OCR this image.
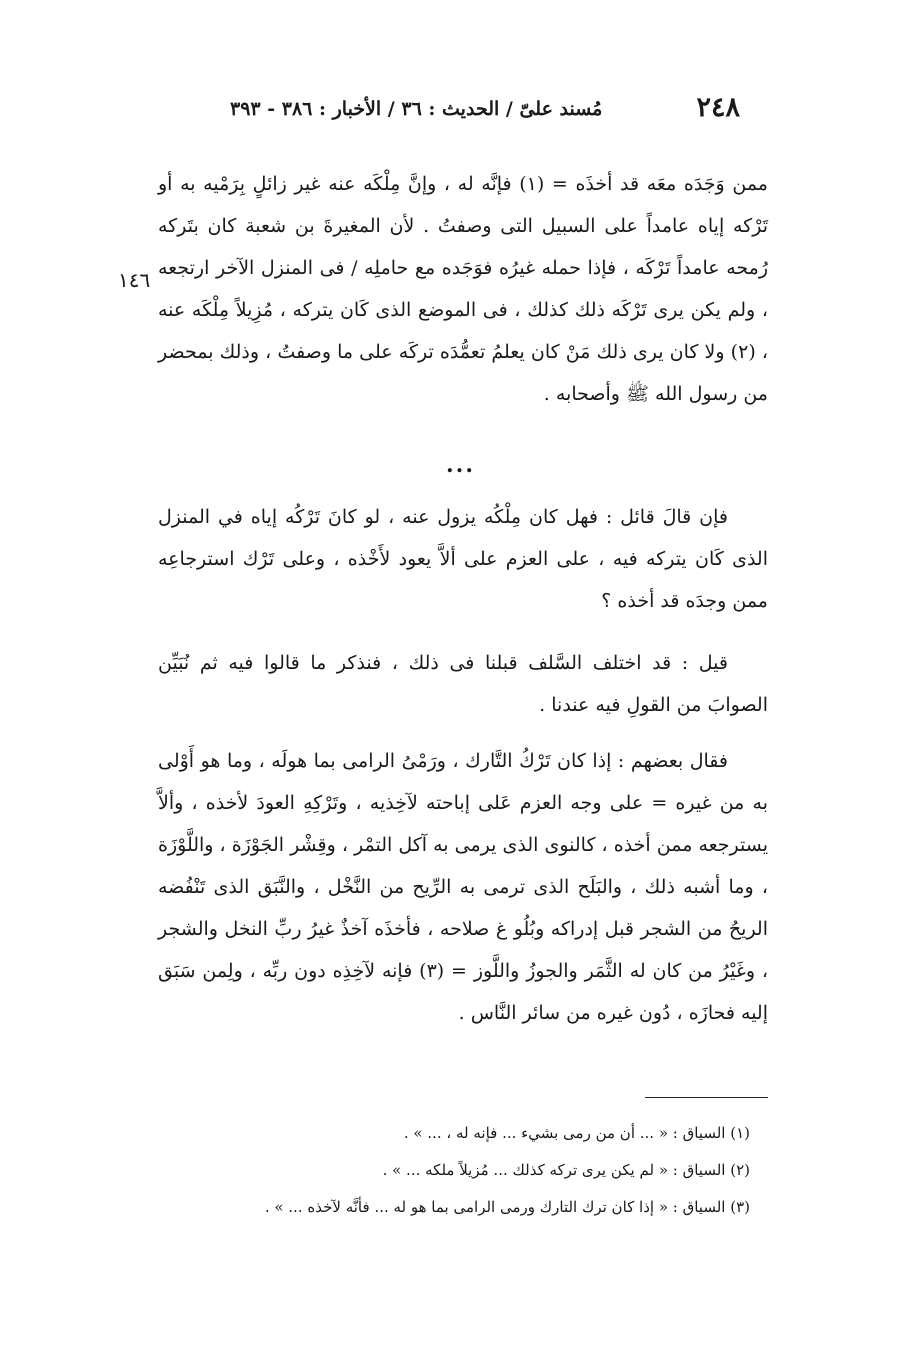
٢٤٨
مُسند علىّ / الحديث : ٣٦ / الأخبار : ٣٨٦ - ٣٩٣
١٤٦

ممن وَجَدَه معَه قد أخذَه = (١) فإنَّه له ، وإنَّ مِلْكَه عنه غير زائلٍ بِرَمْيه به أو تَرْكه إياه عامداً على السبيل التى وصفتُ . لأن المغيرةَ بن شعبة كان بتَركه رُمحه عامداً تَرْكَه ، فإذا حمله غيرُه فوَجَده مع حاملِه / فى المنزل الآخر ارتجعه ، ولم يكن يرى تَرْكَه ذلك كذلك ، فى الموضع الذى كَان يتركه ، مُزِيلاً مِلْكَه عنه ، (٢) ولا كان يرى ذلك مَنْ كان يعلمُ تعمُّدَه تركَه على ما وصفتُ ، وذلك بمحضر من رسول الله ﷺ وأصحابه .

...

فإن قالَ قائل : فهل كان مِلْكُه يزول عنه ، لو كانَ تَرْكُه إياه في المنزل الذى كَان يتركه فيه ، على العزم على ألاَّ يعود لأَخْذه ، وعلى تَرْك استرجاعِه ممن وجدَه قد أخذه ؟

قيل : قد اختلف السَّلف قبلنا فى ذلك ، فنذكر ما قالوا فيه ثم نُبَيِّن الصوابَ من القولِ فيه عندنا .

فقال بعضهم : إذا كان تَرْكُ التَّارك ، ورَمْىُ الرامى بما هولَه ، وما هو أَوْلى به من غيره = على وجه العزم عَلى إباحته لآخِذيه ، وتَرْكِهِ العودَ لأخذه ، وألاَّ يسترجعه ممن أخذه ، كالنوى الذى يرمى به آكل التمْر ، وقِشْر الجَوْزَة ، واللَّوْزَة ، وما أشبه ذلك ، والبَلَح الذى ترمى به الرِّيح من النَّخْل ، والنَّبَق الذى تَنْفُضه الريحُ من الشجر قبل إدراكه وبُلُو غ صلاحه ، فأخذَه آخذٌ غيرُ ربِّ النخل والشجر ، وغَيْرُ من كان له الثَّمَر والجوزُ واللَّوز = (٣) فإنه لآخِذِه دون ربِّه ، ولِمن سَبَق إليه فحازَه ، دُون غيره من سائر النَّاس .

(١) السياق : « ... أن من رمى بشيء ... فإنه له ، ... » .
(٢) السياق : « لم يكن يرى تركه كذلك ... مُزيلاً ملكه ... » .
(٣) السياق : « إذا كان ترك التارك ورمى الرامى بما هو له ... فأنَّه لآخذه ... » .
